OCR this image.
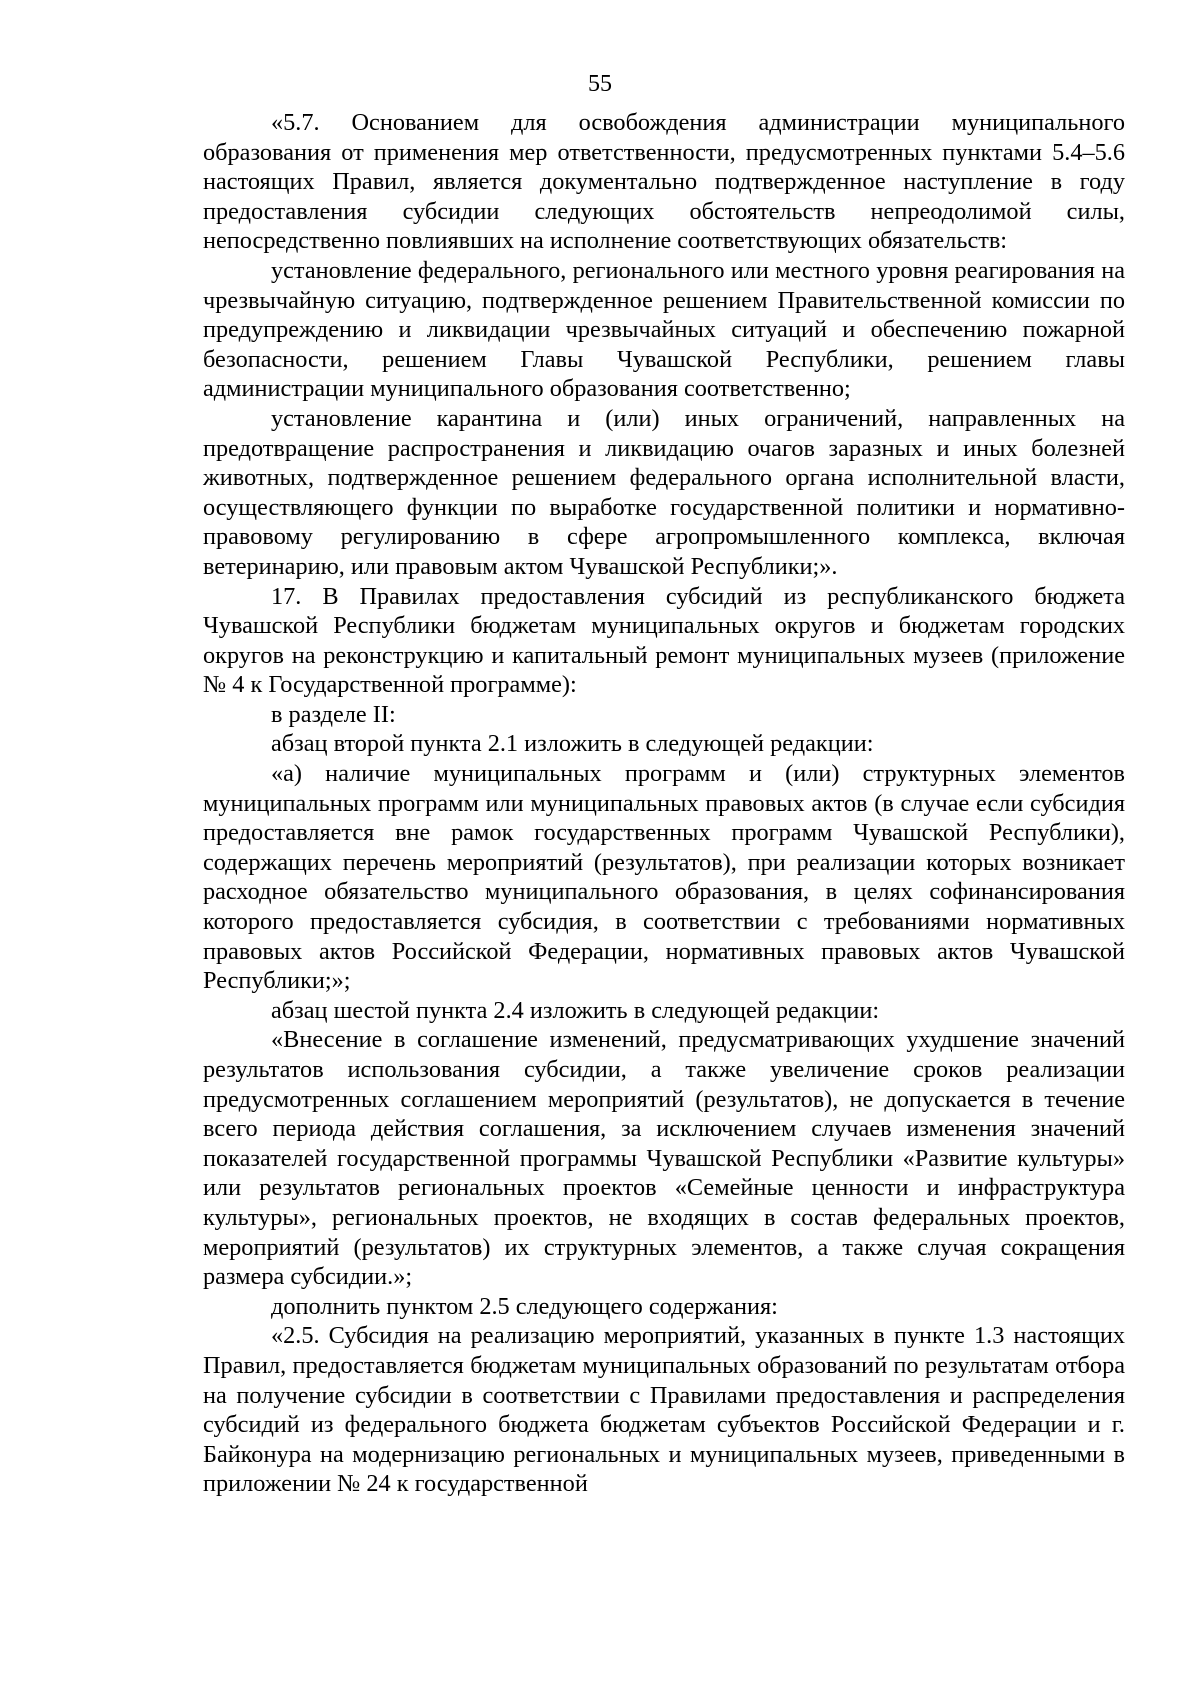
55

«5.7. Основанием для освобождения администрации муниципального образования от применения мер ответственности, предусмотренных пунктами 5.4–5.6 настоящих Правил, является документально подтвержденное наступление в году предоставления субсидии следующих обстоятельств непреодолимой силы, непосредственно повлиявших на исполнение соответствующих обязательств:

установление федерального, регионального или местного уровня реагирования на чрезвычайную ситуацию, подтвержденное решением Правительственной комиссии по предупреждению и ликвидации чрезвычайных ситуаций и обеспечению пожарной безопасности, решением Главы Чувашской Республики, решением главы администрации муниципального образования соответственно;

установление карантина и (или) иных ограничений, направленных на предотвращение распространения и ликвидацию очагов заразных и иных болезней животных, подтвержденное решением федерального органа исполнительной власти, осуществляющего функции по выработке государственной политики и нормативно-правовому регулированию в сфере агропромышленного комплекса, включая ветеринарию, или правовым актом Чувашской Республики;».

17. В Правилах предоставления субсидий из республиканского бюджета Чувашской Республики бюджетам муниципальных округов и бюджетам городских округов на реконструкцию и капитальный ремонт муниципальных музеев (приложение № 4 к Государственной программе):

в разделе II:

абзац второй пункта 2.1 изложить в следующей редакции:

«а) наличие муниципальных программ и (или) структурных элементов муниципальных программ или муниципальных правовых актов (в случае если субсидия предоставляется вне рамок государственных программ Чувашской Республики), содержащих перечень мероприятий (результатов), при реализации которых возникает расходное обязательство муниципального образования, в целях софинансирования которого предоставляется субсидия, в соответствии с требованиями нормативных правовых актов Российской Федерации, нормативных правовых актов Чувашской Республики;»;

абзац шестой пункта 2.4 изложить в следующей редакции:

«Внесение в соглашение изменений, предусматривающих ухудшение значений результатов использования субсидии, а также увеличение сроков реализации предусмотренных соглашением мероприятий (результатов), не допускается в течение всего периода действия соглашения, за исключением случаев изменения значений показателей государственной программы Чувашской Республики «Развитие культуры» или результатов региональных проектов «Семейные ценности и инфраструктура культуры», региональных проектов, не входящих в состав федеральных проектов, мероприятий (результатов) их структурных элементов, а также случая сокращения размера субсидии.»;

дополнить пунктом 2.5 следующего содержания:

«2.5. Субсидия на реализацию мероприятий, указанных в пункте 1.3 настоящих Правил, предоставляется бюджетам муниципальных образований по результатам отбора на получение субсидии в соответствии с Правилами предоставления и распределения субсидий из федерального бюджета бюджетам субъектов Российской Федерации и г. Байконура на модернизацию региональных и муниципальных музеев, приведенными в приложении № 24 к государственной
